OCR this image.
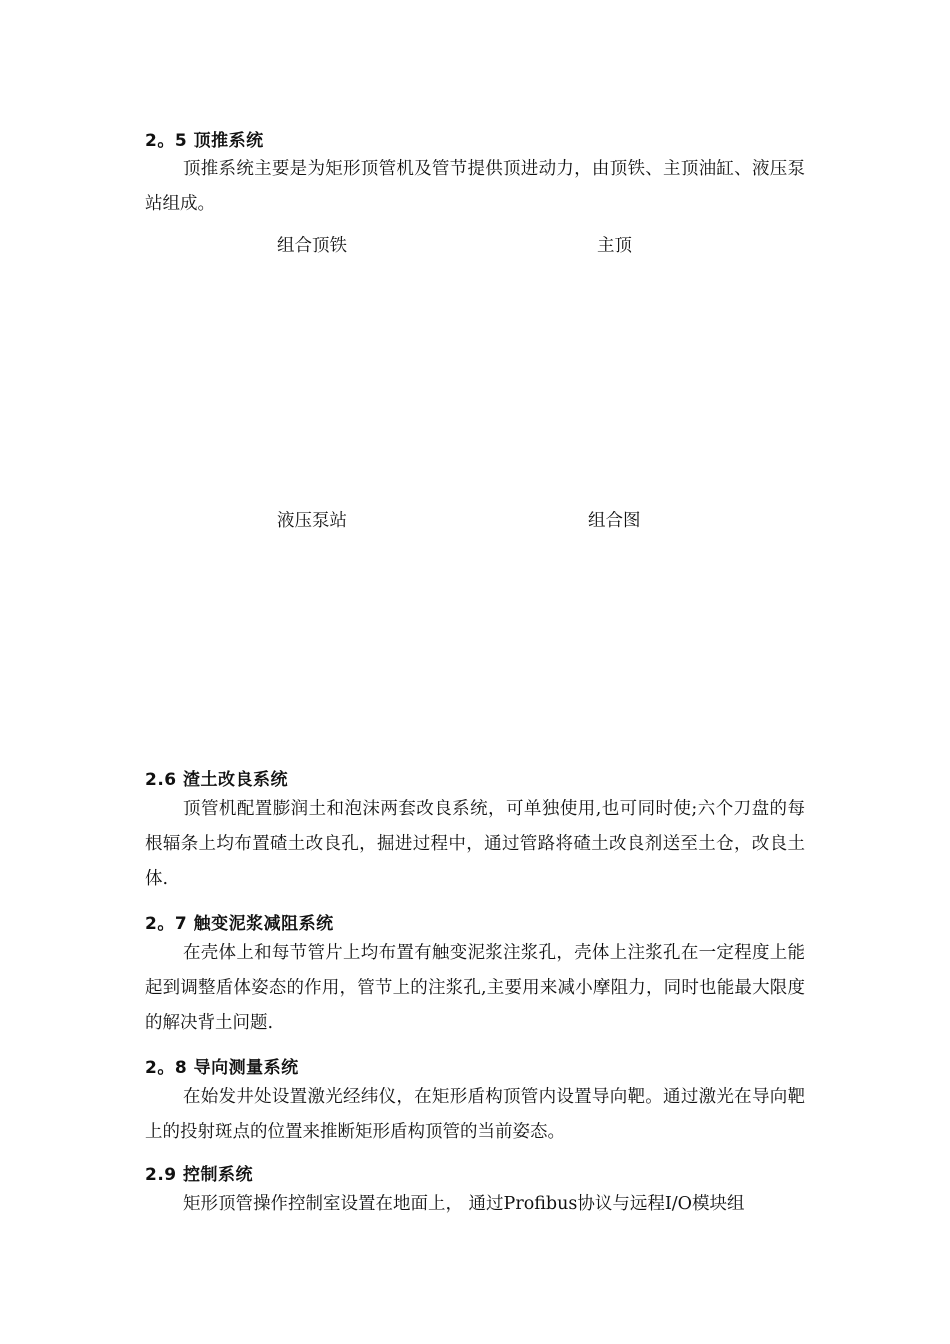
2。5 顶推系统

顶推系统主要是为矩形顶管机及管节提供顶进动力，由顶铁、主顶油缸、液压泵站组成。

组合顶铁	主顶
液压泵站	组合图
2.6 渣土改良系统

顶管机配置膨润土和泡沫两套改良系统，可单独使用,也可同时使;六个刀盘的每根辐条上均布置碴土改良孔，掘进过程中，通过管路将碴土改良剂送至土仓，改良土体.

2。7 触变泥浆减阻系统

在壳体上和每节管片上均布置有触变泥浆注浆孔，壳体上注浆孔在一定程度上能起到调整盾体姿态的作用，管节上的注浆孔,主要用来减小摩阻力，同时也能最大限度的解决背土问题.

2。8 导向测量系统

在始发井处设置激光经纬仪，在矩形盾构顶管内设置导向靶。通过激光在导向靶上的投射斑点的位置来推断矩形盾构顶管的当前姿态。

2.9 控制系统

矩形顶管操作控制室设置在地面上， 通过Profibus协议与远程I/O模块组
